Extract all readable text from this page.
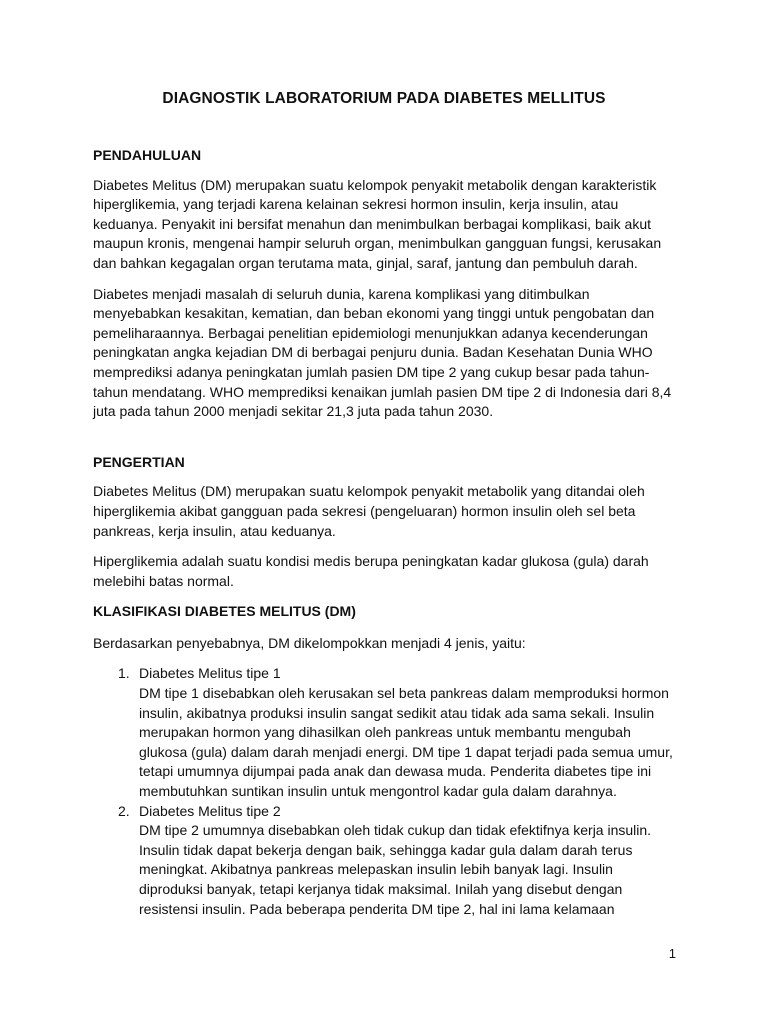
DIAGNOSTIK LABORATORIUM PADA DIABETES MELLITUS
PENDAHULUAN

Diabetes Melitus (DM) merupakan suatu kelompok penyakit metabolik dengan karakteristik hiperglikemia, yang terjadi karena kelainan sekresi hormon insulin, kerja insulin, atau keduanya. Penyakit ini bersifat menahun dan menimbulkan berbagai komplikasi, baik akut maupun kronis, mengenai hampir seluruh organ, menimbulkan gangguan fungsi, kerusakan dan bahkan kegagalan organ terutama mata, ginjal, saraf, jantung dan pembuluh darah.

Diabetes menjadi masalah di seluruh dunia, karena komplikasi yang ditimbulkan menyebabkan kesakitan, kematian, dan beban ekonomi yang tinggi untuk pengobatan dan pemeliharaannya. Berbagai penelitian epidemiologi menunjukkan adanya kecenderungan peningkatan angka kejadian DM di berbagai penjuru dunia. Badan Kesehatan Dunia WHO memprediksi adanya peningkatan jumlah pasien DM tipe 2 yang cukup besar pada tahun-tahun mendatang. WHO memprediksi kenaikan jumlah pasien DM tipe 2 di Indonesia dari 8,4 juta pada tahun 2000 menjadi sekitar 21,3 juta pada tahun 2030.

PENGERTIAN

Diabetes Melitus (DM) merupakan suatu kelompok penyakit metabolik yang ditandai oleh hiperglikemia akibat gangguan pada sekresi (pengeluaran) hormon insulin oleh sel beta pankreas, kerja insulin, atau keduanya.

Hiperglikemia adalah suatu kondisi medis berupa peningkatan kadar glukosa (gula) darah melebihi batas normal.

KLASIFIKASI DIABETES MELITUS (DM)

Berdasarkan penyebabnya, DM dikelompokkan menjadi 4 jenis, yaitu:

1. Diabetes Melitus tipe 1
DM tipe 1 disebabkan oleh kerusakan sel beta pankreas dalam memproduksi hormon insulin, akibatnya produksi insulin sangat sedikit atau tidak ada sama sekali. Insulin merupakan hormon yang dihasilkan oleh pankreas untuk membantu mengubah glukosa (gula) dalam darah menjadi energi. DM tipe 1 dapat terjadi pada semua umur, tetapi umumnya dijumpai pada anak dan dewasa muda. Penderita diabetes tipe ini membutuhkan suntikan insulin untuk mengontrol kadar gula dalam darahnya.
2. Diabetes Melitus tipe 2
DM tipe 2 umumnya disebabkan oleh tidak cukup dan tidak efektifnya kerja insulin. Insulin tidak dapat bekerja dengan baik, sehingga kadar gula dalam darah terus meningkat. Akibatnya pankreas melepaskan insulin lebih banyak lagi. Insulin diproduksi banyak, tetapi kerjanya tidak maksimal. Inilah yang disebut dengan resistensi insulin. Pada beberapa penderita DM tipe 2, hal ini lama kelamaan
1
